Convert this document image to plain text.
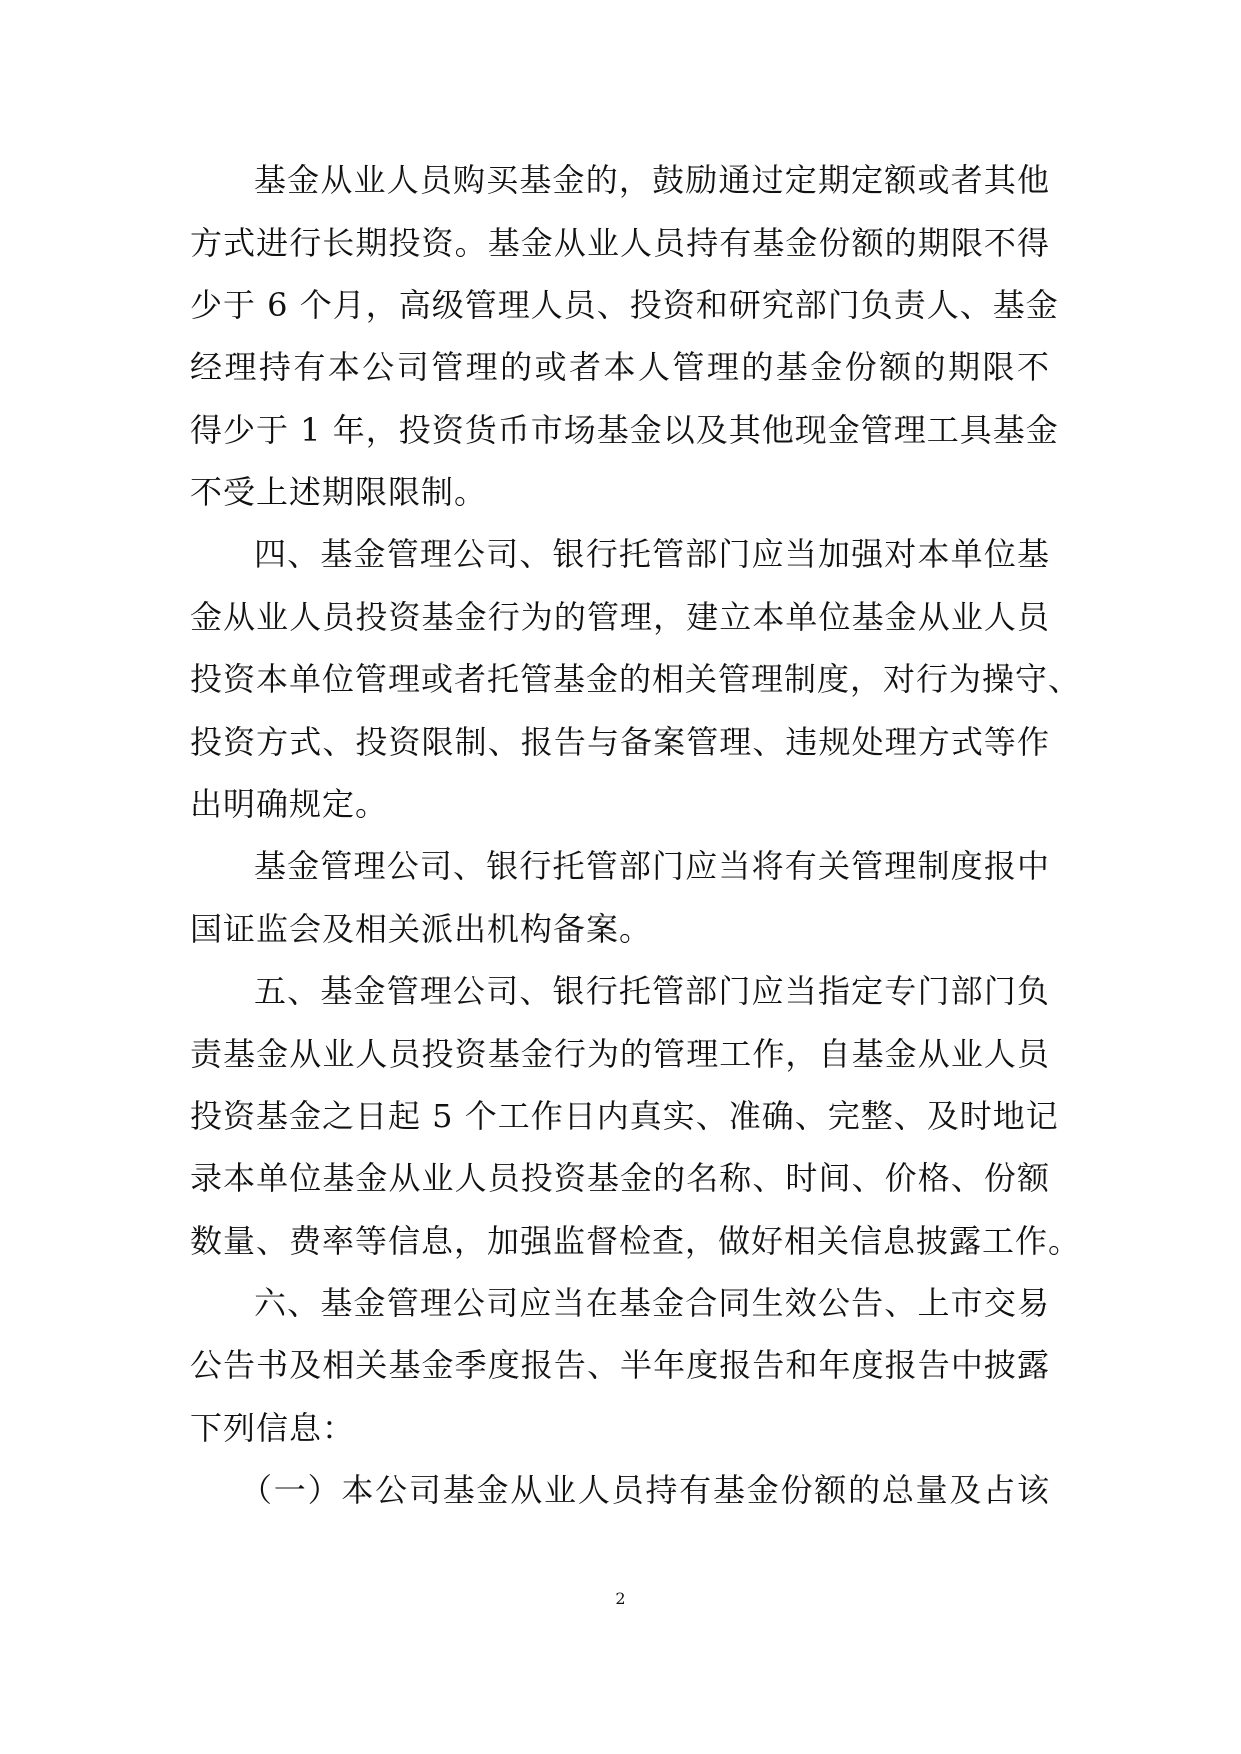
基金从业人员购买基金的，鼓励通过定期定额或者其他
方式进行长期投资。基金从业人员持有基金份额的期限不得
少于 6 个月，高级管理人员、投资和研究部门负责人、基金
经理持有本公司管理的或者本人管理的基金份额的期限不
得少于 1 年，投资货币市场基金以及其他现金管理工具基金
不受上述期限限制。
四、基金管理公司、银行托管部门应当加强对本单位基
金从业人员投资基金行为的管理，建立本单位基金从业人员
投资本单位管理或者托管基金的相关管理制度，对行为操守、
投资方式、投资限制、报告与备案管理、违规处理方式等作
出明确规定。
基金管理公司、银行托管部门应当将有关管理制度报中
国证监会及相关派出机构备案。
五、基金管理公司、银行托管部门应当指定专门部门负
责基金从业人员投资基金行为的管理工作，自基金从业人员
投资基金之日起 5 个工作日内真实、准确、完整、及时地记
录本单位基金从业人员投资基金的名称、时间、价格、份额
数量、费率等信息，加强监督检查，做好相关信息披露工作。
六、基金管理公司应当在基金合同生效公告、上市交易
公告书及相关基金季度报告、半年度报告和年度报告中披露
下列信息：
（一）本公司基金从业人员持有基金份额的总量及占该
2
